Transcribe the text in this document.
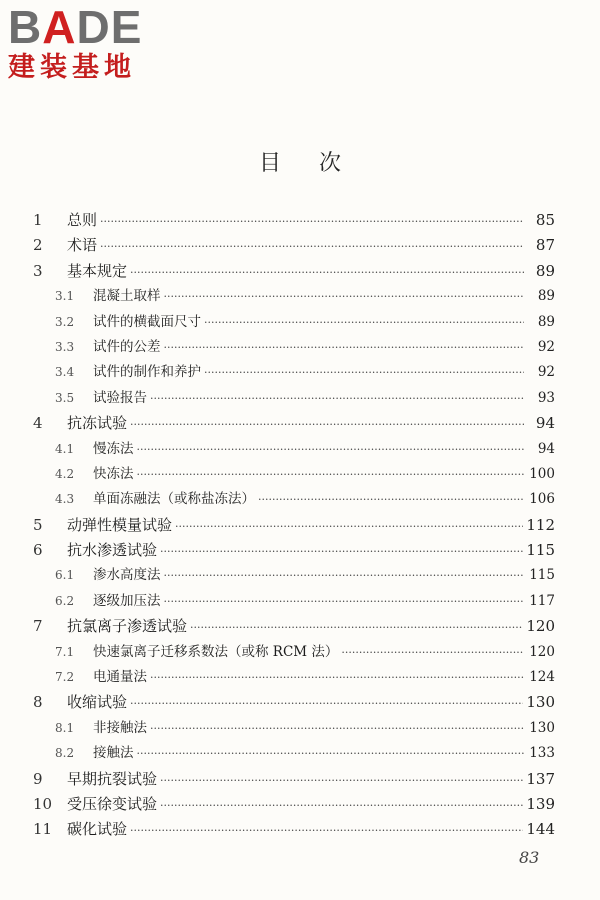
BADE
建装基地
目次
1	总则 ·····	85
2	术语 ·····	87
3	基本规定 ·····	89
3.1	混凝土取样 ·····	89
3.2	试件的横截面尺寸 ·····	89
3.3	试件的公差 ·····	92
3.4	试件的制作和养护 ·····	92
3.5	试验报告 ·····	93
4	抗冻试验 ·····	94
4.1	慢冻法 ·····	94
4.2	快冻法 ·····	100
4.3	单面冻融法（或称盐冻法） ·····	106
5	动弹性模量试验 ·····	112
6	抗水渗透试验 ·····	115
6.1	渗水高度法 ·····	115
6.2	逐级加压法 ·····	117
7	抗氯离子渗透试验 ·····	120
7.1	快速氯离子迁移系数法（或称 RCM 法） ·····	120
7.2	电通量法 ·····	124
8	收缩试验 ·····	130
8.1	非接触法 ·····	130
8.2	接触法 ·····	133
9	早期抗裂试验 ·····	137
10 受压徐变试验 ·····	139
11 碳化试验 ·····	144
83
